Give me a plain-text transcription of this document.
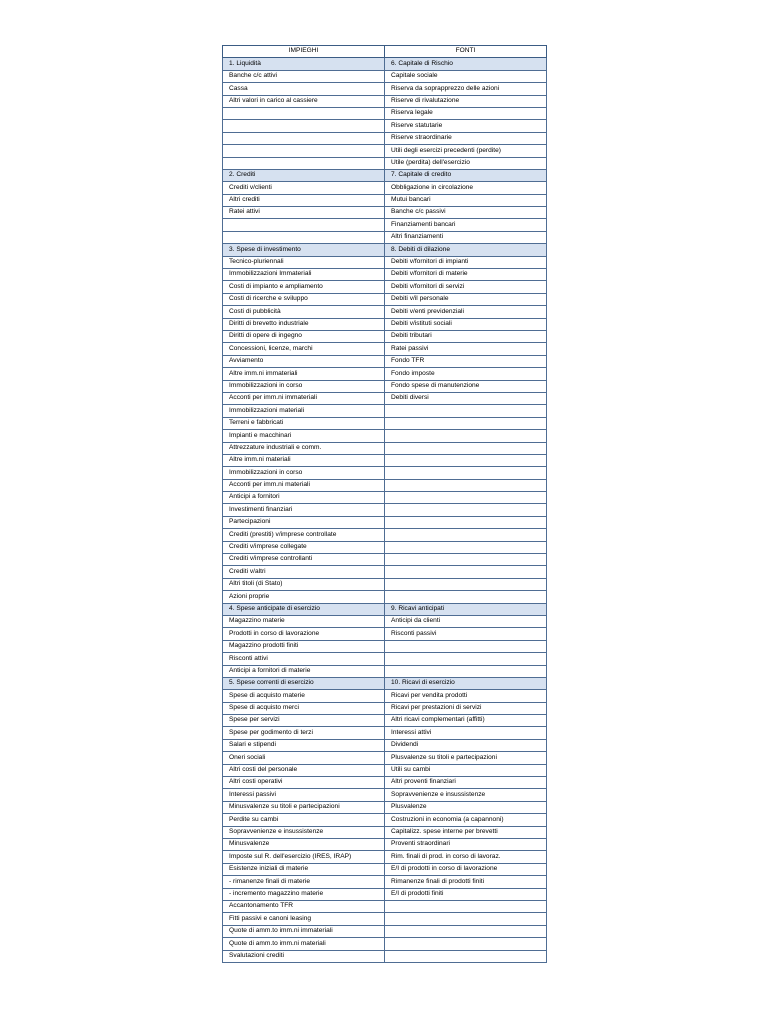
IMPIEGHI	FONTI
1. Liquidità	6. Capitale di Rischio
Banche c/c attivi	Capitale sociale
Cassa	Riserva da soprapprezzo delle azioni
Altri valori in carico al cassiere	Riserve di rivalutazione
	Riserva legale
	Riserve statutarie
	Riserve straordinarie
	Utili degli esercizi precedenti (perdite)
	Utile (perdita) dell'esercizio
2. Crediti	7. Capitale di credito
Crediti v/clienti	Obbligazione in circolazione
Altri crediti	Mutui bancari
Ratei attivi	Banche c/c passivi
	Finanziamenti bancari
	Altri finanziamenti
3. Spese di investimento	8. Debiti di dilazione
Tecnico-pluriennali	Debiti v/fornitori di impianti
Immobilizzazioni Immateriali	Debiti v/fornitori di materie
Costi di impianto e ampliamento	Debiti v/fornitori di servizi
Costi di ricerche e sviluppo	Debiti v/il personale
Costi di pubblicità	Debiti v/enti previdenziali
Diritti di brevetto industriale	Debiti v/istituti sociali
Diritti di opere di ingegno	Debiti tributari
Concessioni, licenze, marchi	Ratei passivi
Avviamento	Fondo TFR
Altre imm.ni immateriali	Fondo imposte
Immobilizzazioni in corso	Fondo spese di manutenzione
Acconti per imm.ni immateriali	Debiti diversi
Immobilizzazioni materiali	
Terreni e fabbricati	
Impianti e macchinari	
Attrezzature industriali e comm.	
Altre imm.ni materiali	
Immobilizzazioni in corso	
Acconti per imm.ni materiali	
Anticipi a fornitori	
Investimenti finanziari	
Partecipazioni	
Crediti (prestiti) v/imprese controllate	
Crediti v/imprese collegate	
Crediti v/imprese controllanti	
Crediti v/altri	
Altri titoli (di Stato)	
Azioni proprie	
4. Spese anticipate di esercizio	9. Ricavi anticipati
Magazzino materie	Anticipi da clienti
Prodotti in corso di lavorazione	Risconti passivi
Magazzino prodotti finiti	
Risconti attivi	
Anticipi a fornitori di materie	
5. Spese correnti di esercizio	10. Ricavi di esercizio
Spese di acquisto materie	Ricavi per vendita prodotti
Spese di acquisto merci	Ricavi per prestazioni di servizi
Spese per servizi	Altri ricavi complementari (affitti)
Spese per godimento di terzi	Interessi attivi
Salari e stipendi	Dividendi
Oneri sociali	Plusvalenze su titoli e partecipazioni
Altri costi del personale	Utili su cambi
Altri costi operativi	Altri proventi finanziari
Interessi passivi	Sopravvenienze e insussistenze
Minusvalenze su titoli e partecipazioni	Plusvalenze
Perdite su cambi	Costruzioni in economia (a capannoni)
Sopravvenienze e insussistenze	Capitalizz. spese interne per brevetti
Minusvalenze	Proventi straordinari
Imposte sul R. dell'esercizio (IRES, IRAP)	Rim. finali di prod. in corso di lavoraz.
Esistenze iniziali di materie	E/I di prodotti in corso di lavorazione
- rimanenze finali di materie	Rimanenze finali di prodotti finiti
- incremento magazzino materie	E/I di prodotti finiti
Accantonamento TFR	
Fitti passivi e canoni leasing	
Quote di amm.to imm.ni immateriali	
Quote di amm.to imm.ni materiali	
Svalutazioni crediti	
